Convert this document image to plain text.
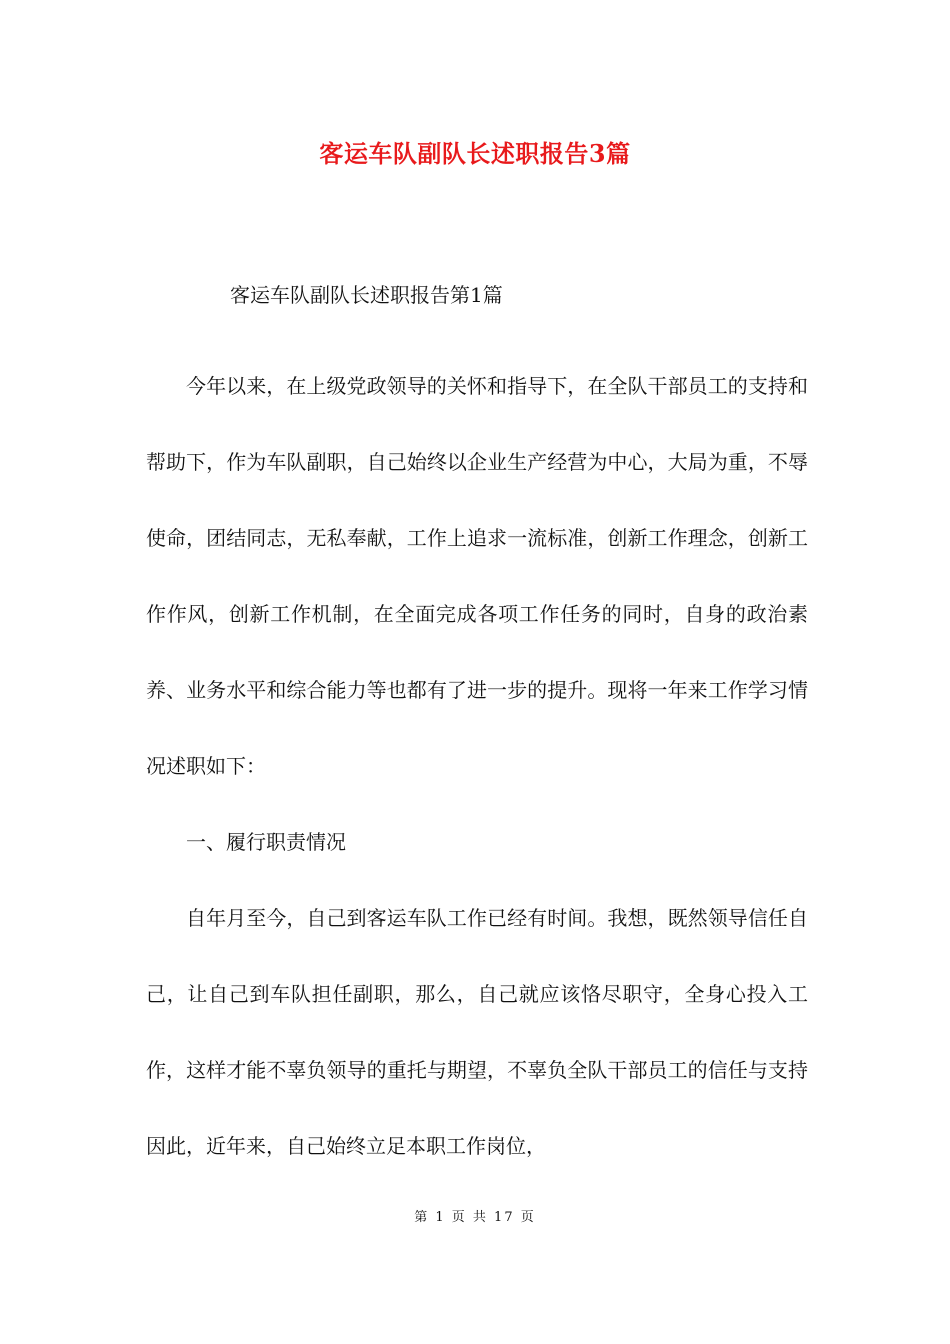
客运车队副队长述职报告3篇
客运车队副队长述职报告第1篇

今年以来，在上级党政领导的关怀和指导下，在全队干部员工的支持和帮助下，作为车队副职，自己始终以企业生产经营为中心，大局为重，不辱使命，团结同志，无私奉献，工作上追求一流标准，创新工作理念，创新工作作风，创新工作机制，在全面完成各项工作任务的同时，自身的政治素养、业务水平和综合能力等也都有了进一步的提升。现将一年来工作学习情况述职如下：

一、履行职责情况

自年月至今，自己到客运车队工作已经有时间。我想，既然领导信任自己，让自己到车队担任副职，那么，自己就应该恪尽职守，全身心投入工作，这样才能不辜负领导的重托与期望，不辜负全队干部员工的信任与支持因此，近年来，自己始终立足本职工作岗位，

第 1 页 共 17 页
